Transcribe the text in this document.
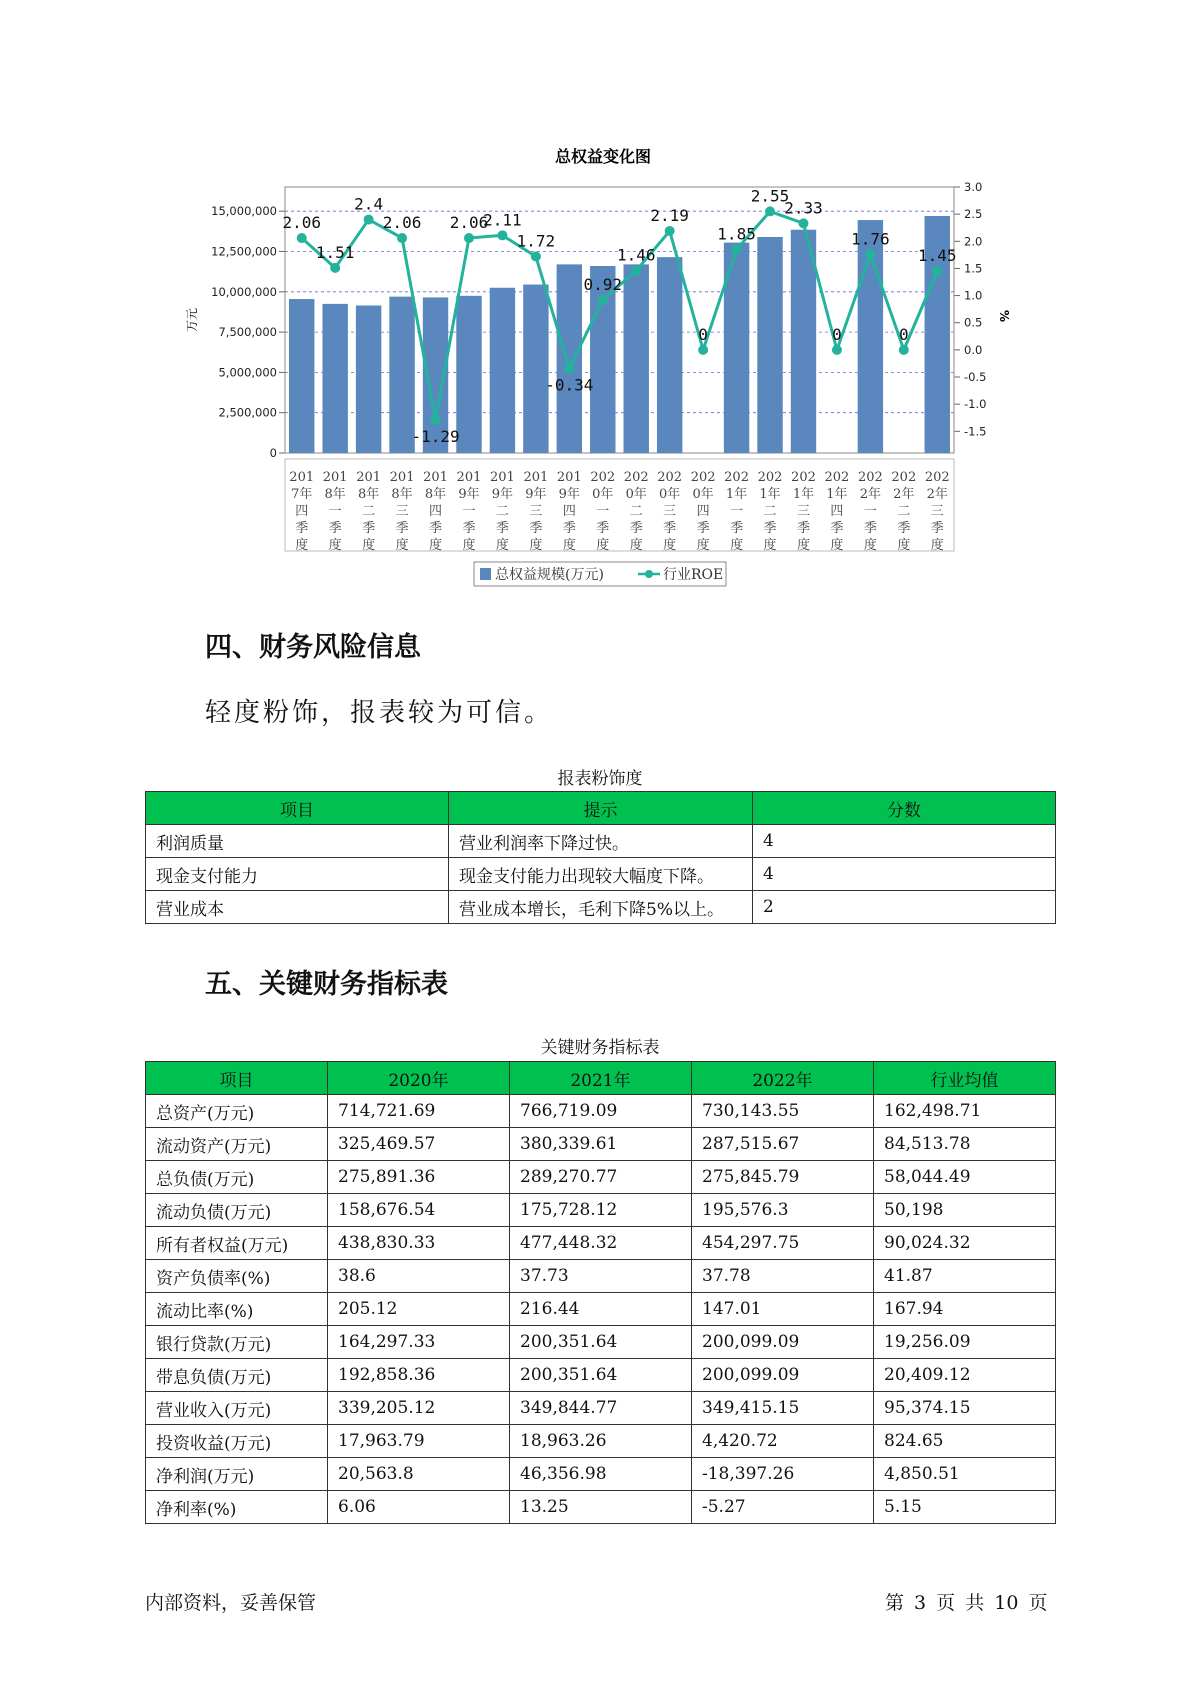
总权益变化图
0
2,500,000
5,000,000
7,500,000
10,000,000
12,500,000
15,000,000
3.0
2.5
2.0
1.5
1.0
0.5
0.0
-0.5
-1.0
-1.5
万元	%
2.06
1.51
2.4
2.06
-1.29
2.06
2.11
1.72
-0.34
0.92
1.46
2.19
0
1.85
2.55
2.33
0
1.76
0
1.45
201
7年
四
季
度
201
8年
一
季
度
201
8年
二
季
度
201
8年
三
季
度
201
8年
四
季
度
201
9年
一
季
度
201
9年
二
季
度
201
9年
三
季
度
201
9年
四
季
度
202
0年
一
季
度
202
0年
二
季
度
202
0年
三
季
度
202
0年
四
季
度
202
1年
一
季
度
202
1年
二
季
度
202
1年
三
季
度
202
1年
四
季
度
202
2年
一
季
度
202
2年
二
季
度
202
2年
三
季
度
总权益规模(万元)	行业ROE
四、财务风险信息

轻度粉饰，报表较为可信。

报表粉饰度
项目	提示	分数
利润质量	营业利润率下降过快。	4
现金支付能力	现金支付能力出现较大幅度下降。	4
营业成本	营业成本增长，毛利下降5%以上。	2
五、关键财务指标表
关键财务指标表
项目	2020年	2021年	2022年	行业均值
总资产(万元)	714,721.69	766,719.09	730,143.55	162,498.71
流动资产(万元)	325,469.57	380,339.61	287,515.67	84,513.78
总负债(万元)	275,891.36	289,270.77	275,845.79	58,044.49
流动负债(万元)	158,676.54	175,728.12	195,576.3	50,198
所有者权益(万元)	438,830.33	477,448.32	454,297.75	90,024.32
资产负债率(%)	38.6	37.73	37.78	41.87
流动比率(%)	205.12	216.44	147.01	167.94
银行贷款(万元)	164,297.33	200,351.64	200,099.09	19,256.09
带息负债(万元)	192,858.36	200,351.64	200,099.09	20,409.12
营业收入(万元)	339,205.12	349,844.77	349,415.15	95,374.15
投资收益(万元)	17,963.79	18,963.26	4,420.72	824.65
净利润(万元)	20,563.8	46,356.98	-18,397.26	4,850.51
净利率(%)	6.06	13.25	-5.27	5.15
内部资料，妥善保管	第 3 页 共 10 页
